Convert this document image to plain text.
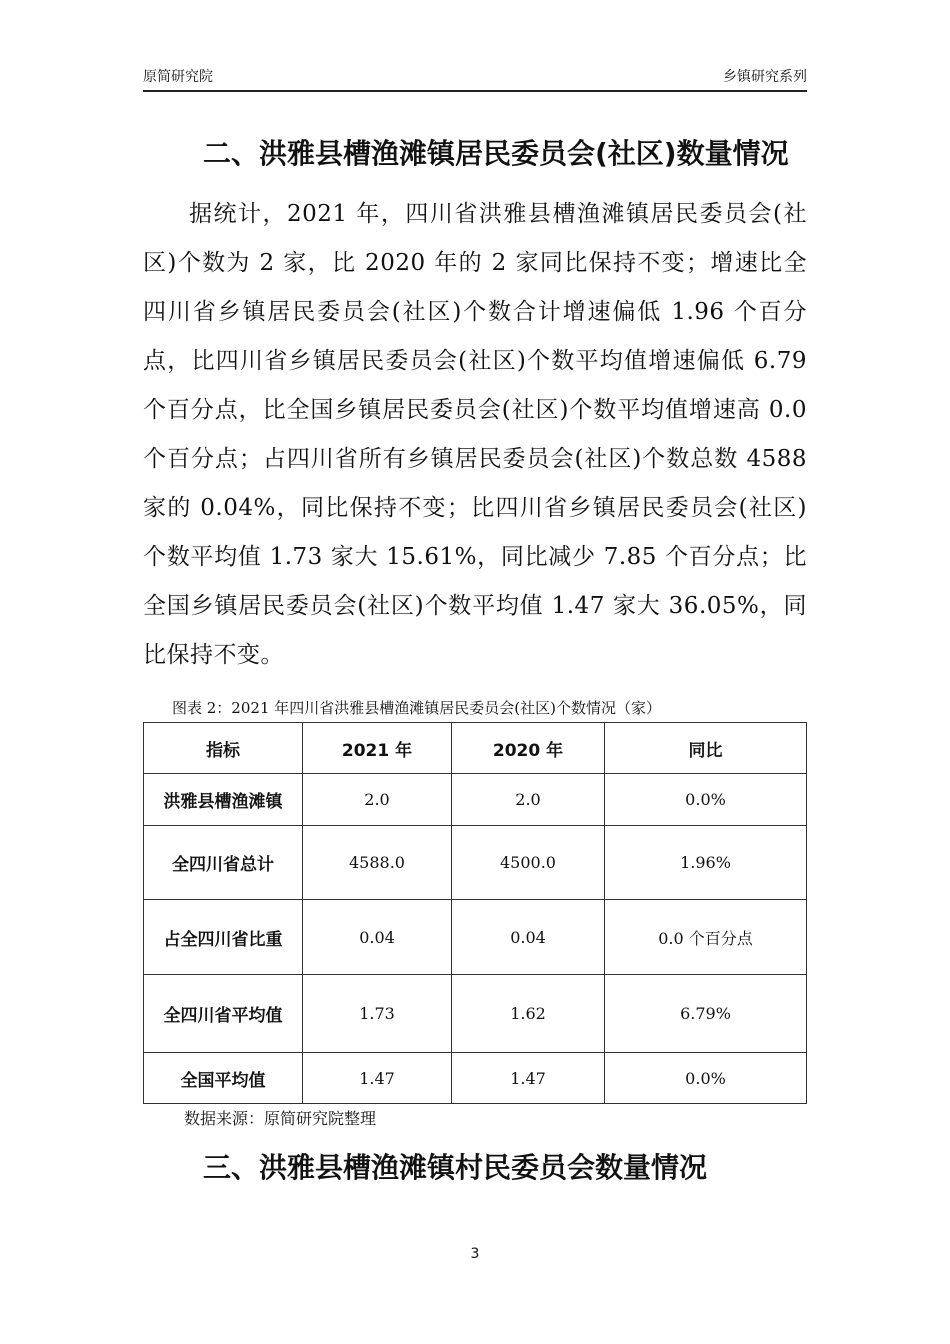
原简研究院	乡镇研究系列
二、洪雅县槽渔滩镇居民委员会(社区)数量情况

据统计，2021 年，四川省洪雅县槽渔滩镇居民委员会(社区)个数为 2 家，比 2020 年的 2 家同比保持不变；增速比全四川省乡镇居民委员会(社区)个数合计增速偏低 1.96 个百分点，比四川省乡镇居民委员会(社区)个数平均值增速偏低 6.79 个百分点，比全国乡镇居民委员会(社区)个数平均值增速高 0.0 个百分点；占四川省所有乡镇居民委员会(社区)个数总数 4588 家的 0.04%，同比保持不变；比四川省乡镇居民委员会(社区)个数平均值 1.73 家大 15.61%，同比减少 7.85 个百分点；比全国乡镇居民委员会(社区)个数平均值 1.47 家大 36.05%，同比保持不变。

图表 2：2021 年四川省洪雅县槽渔滩镇居民委员会(社区)个数情况（家）
指标	2021 年	2020 年	同比
洪雅县槽渔滩镇	2.0	2.0	0.0%
全四川省总计	4588.0	4500.0	1.96%
占全四川省比重	0.04	0.04	0.0 个百分点
全四川省平均值	1.73	1.62	6.79%
全国平均值	1.47	1.47	0.0%
数据来源：原简研究院整理
三、洪雅县槽渔滩镇村民委员会数量情况
3
